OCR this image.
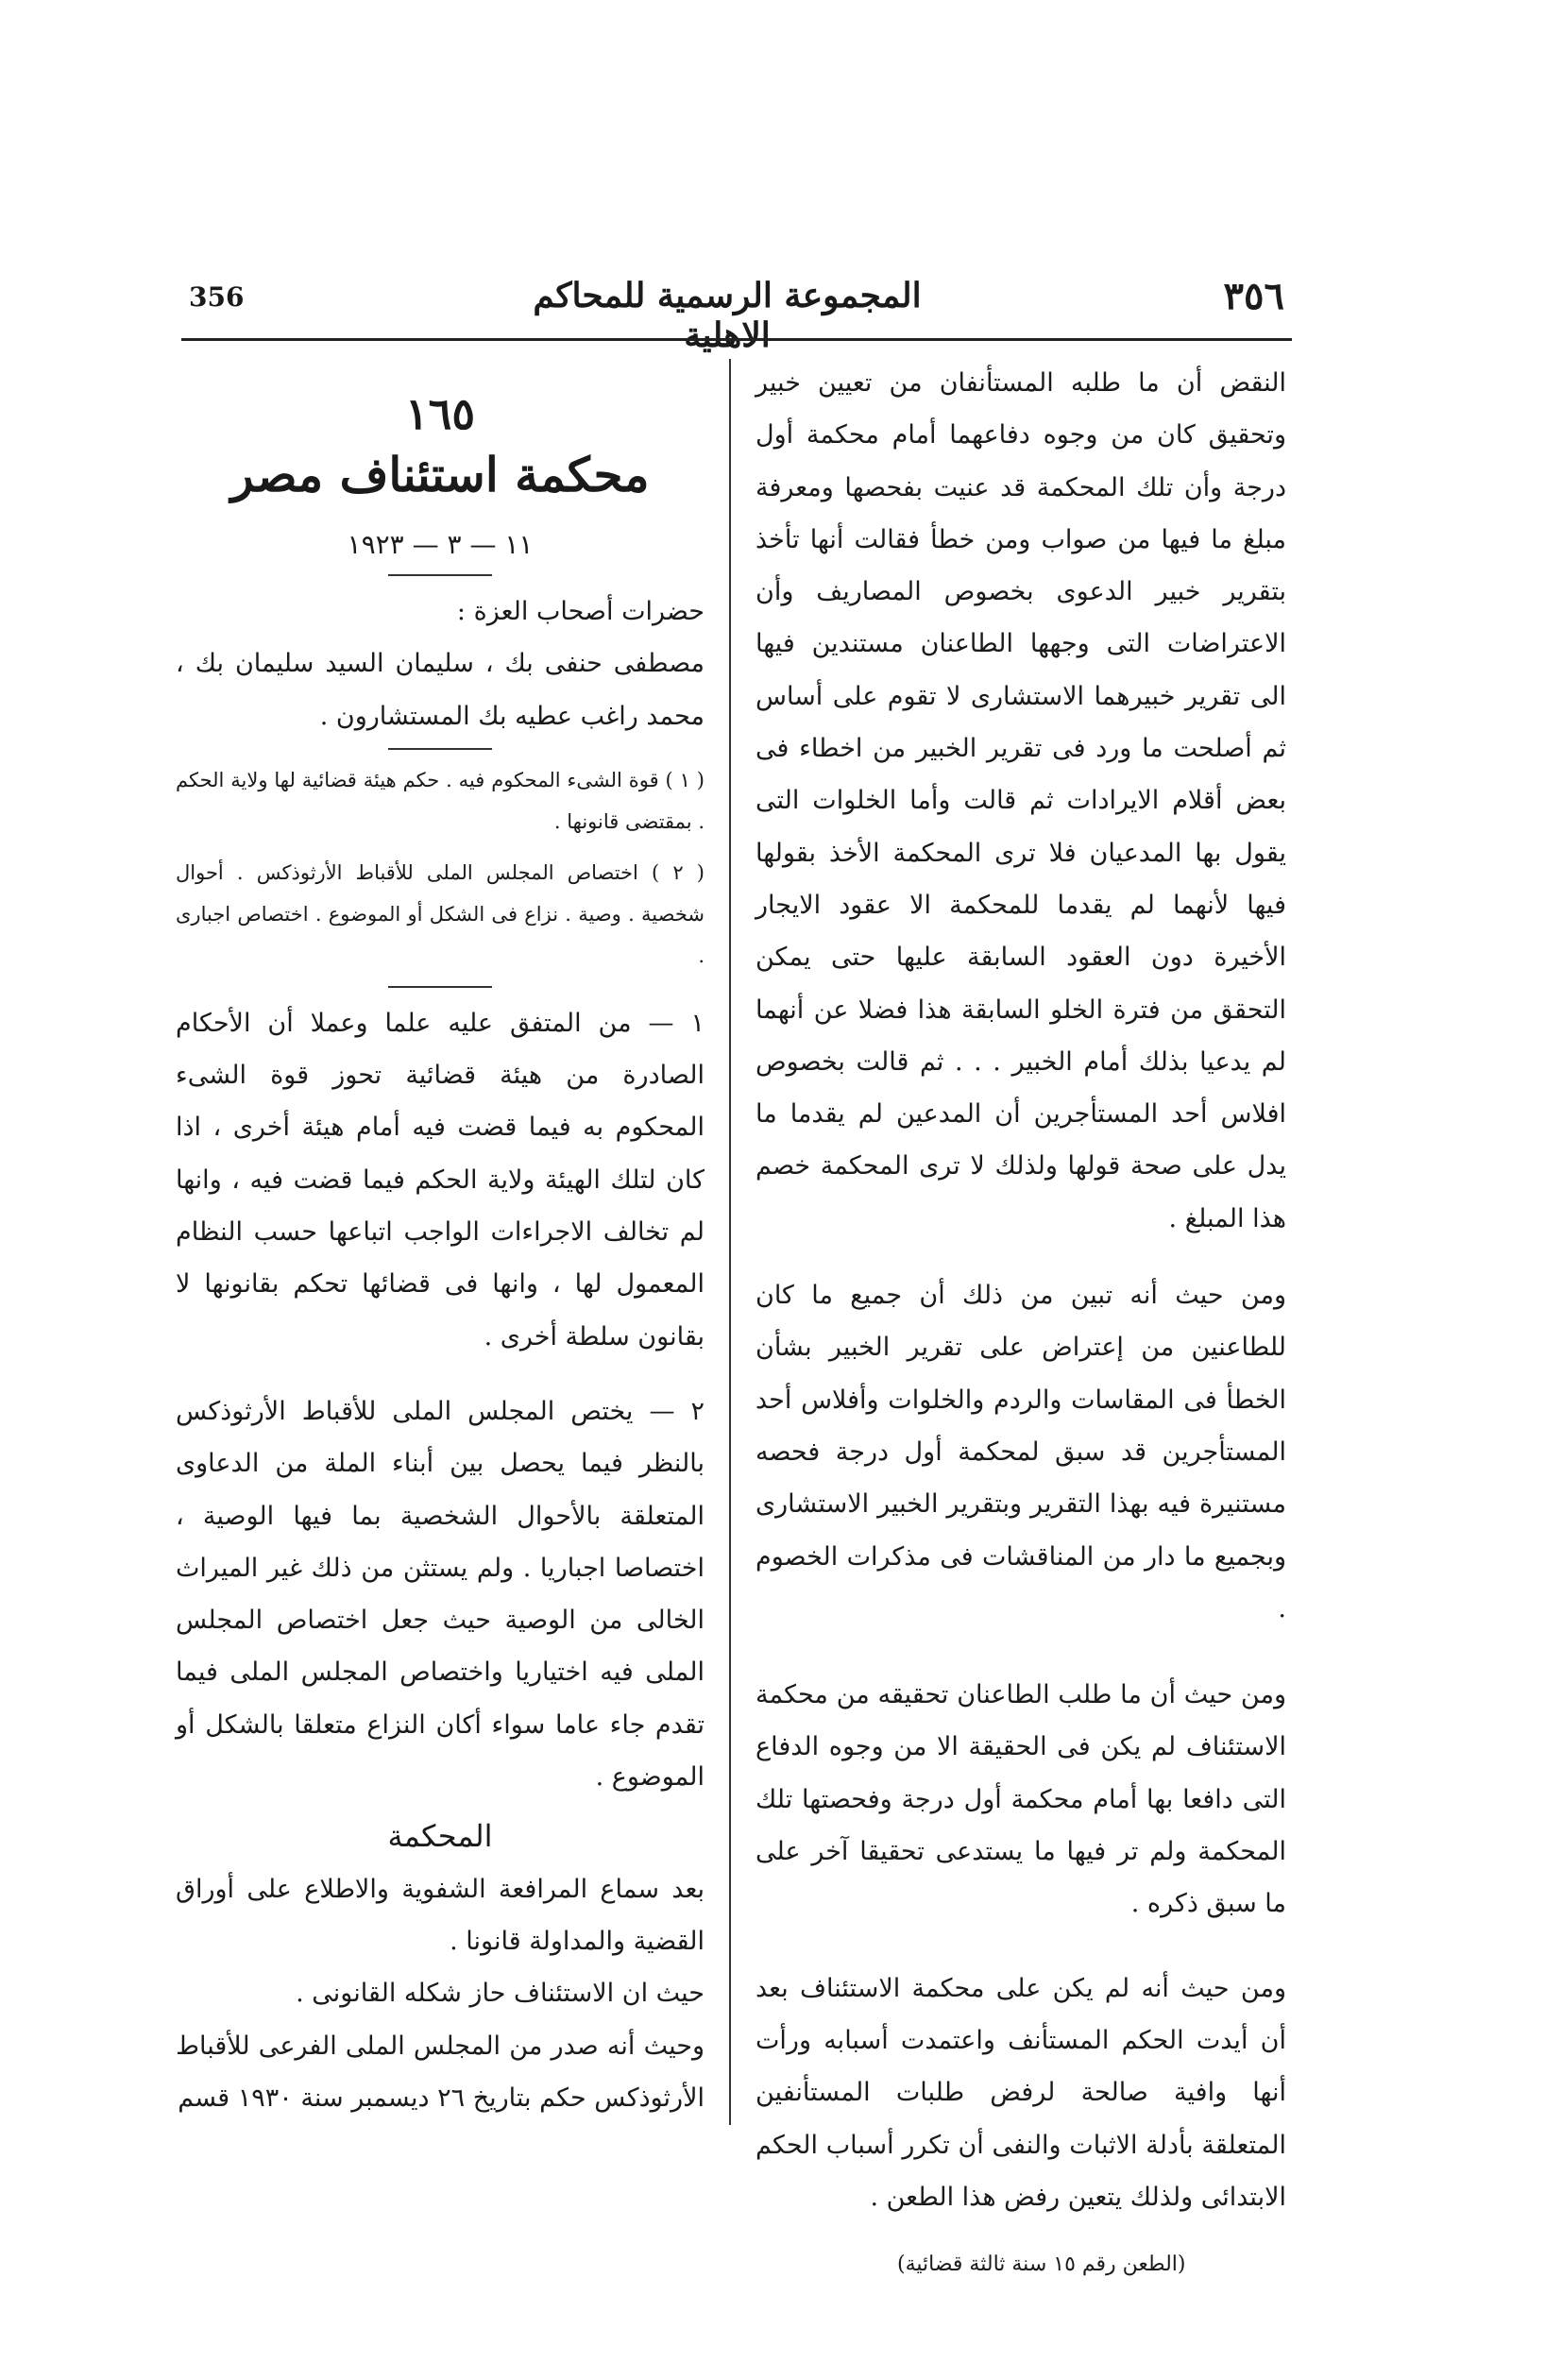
356	المجموعة الرسمية للمحاكم الاهلية
٣٥٦

النقض أن ما طلبه المستأنفان من تعيين خبير وتحقيق كان من وجوه دفاعهما أمام محكمة أول درجة وأن تلك المحكمة قد عنيت بفحصها ومعرفة مبلغ ما فيها من صواب ومن خطأ فقالت أنها تأخذ بتقرير خبير الدعوى بخصوص المصاريف وأن الاعتراضات التى وجهها الطاعنان مستندين فيها الى تقرير خبيرهما الاستشارى لا تقوم على أساس ثم أصلحت ما ورد فى تقرير الخبير من اخطاء فى بعض أقلام الايرادات ثم قالت وأما الخلوات التى يقول بها المدعيان فلا ترى المحكمة الأخذ بقولها فيها لأنهما لم يقدما للمحكمة الا عقود الايجار الأخيرة دون العقود السابقة عليها حتى يمكن التحقق من فترة الخلو السابقة هذا فضلا عن أنهما لم يدعيا بذلك أمام الخبير . . . ثم قالت بخصوص افلاس أحد المستأجرين أن المدعين لم يقدما ما يدل على صحة قولها ولذلك لا ترى المحكمة خصم هذا المبلغ .

ومن حيث أنه تبين من ذلك أن جميع ما كان للطاعنين من إعتراض على تقرير الخبير بشأن الخطأ فى المقاسات والردم والخلوات وأفلاس أحد المستأجرين قد سبق لمحكمة أول درجة فحصه مستنيرة فيه بهذا التقرير وبتقرير الخبير الاستشارى وبجميع ما دار من المناقشات فى مذكرات الخصوم .

ومن حيث أن ما طلب الطاعنان تحقيقه من محكمة الاستئناف لم يكن فى الحقيقة الا من وجوه الدفاع التى دافعا بها أمام محكمة أول درجة وفحصتها تلك المحكمة ولم تر فيها ما يستدعى تحقيقا آخر على ما سبق ذكره .

ومن حيث أنه لم يكن على محكمة الاستئناف بعد أن أيدت الحكم المستأنف واعتمدت أسبابه ورأت أنها وافية صالحة لرفض طلبات المستأنفين المتعلقة بأدلة الاثبات والنفى أن تكرر أسباب الحكم الابتدائى ولذلك يتعين رفض هذا الطعن .

(الطعن رقم ١٥ سنة ثالثة قضائية)

١٦٥

محكمة استئناف مصر

١١ — ٣ — ١٩٢٣

حضرات أصحاب العزة :

مصطفى حنفى بك ، سليمان السيد سليمان بك ، محمد راغب عطيه بك المستشارون .

( ١ ) قوة الشىء المحكوم فيه . حكم هيئة قضائية لها ولاية الحكم . بمقتضى قانونها .

( ٢ ) اختصاص المجلس الملى للأقباط الأرثوذكس . أحوال شخصية . وصية . نزاع فى الشكل أو الموضوع . اختصاص اجبارى .

١ — من المتفق عليه علما وعملا أن الأحكام الصادرة من هيئة قضائية تحوز قوة الشىء المحكوم به فيما قضت فيه أمام هيئة أخرى ، اذا كان لتلك الهيئة ولاية الحكم فيما قضت فيه ، وانها لم تخالف الاجراءات الواجب اتباعها حسب النظام المعمول لها ، وانها فى قضائها تحكم بقانونها لا بقانون سلطة أخرى .

٢ — يختص المجلس الملى للأقباط الأرثوذكس بالنظر فيما يحصل بين أبناء الملة من الدعاوى المتعلقة بالأحوال الشخصية بما فيها الوصية ، اختصاصا اجباريا . ولم يستثن من ذلك غير الميراث الخالى من الوصية حيث جعل اختصاص المجلس الملى فيه اختياريا واختصاص المجلس الملى فيما تقدم جاء عاما سواء أكان النزاع متعلقا بالشكل أو الموضوع .

المحكمة

بعد سماع المرافعة الشفوية والاطلاع على أوراق القضية والمداولة قانونا .

حيث ان الاستئناف حاز شكله القانونى .

وحيث أنه صدر من المجلس الملى الفرعى للأقباط الأرثوذكس حكم بتاريخ ٢٦ ديسمبر سنة ١٩٣٠ قسم
